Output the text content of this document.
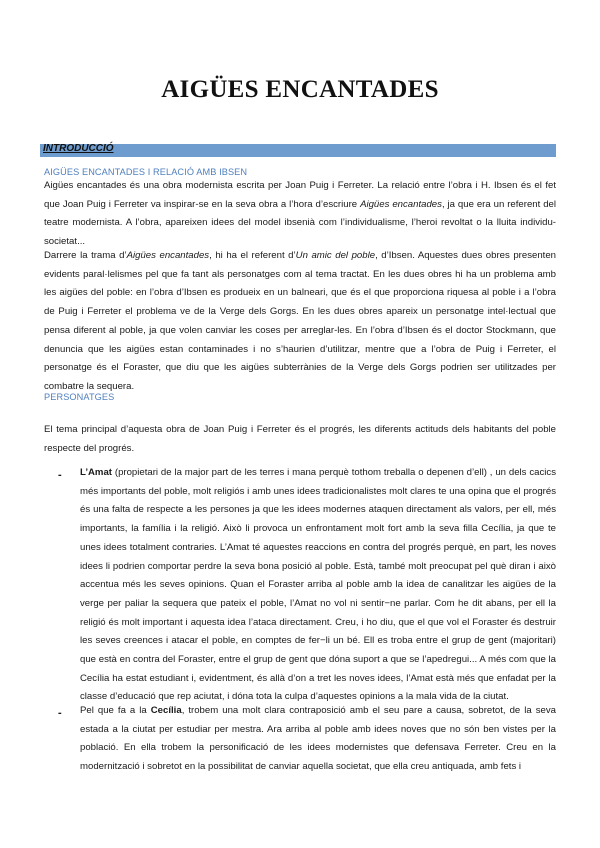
AIGÜES ENCANTADES
INTRODUCCIÓ
AIGÜES ENCANTADES I RELACIÓ AMB IBSEN

Aigües encantades és una obra modernista escrita per Joan Puig i Ferreter. La relació entre l’obra i H. Ibsen és el fet que Joan Puig i Ferreter va inspirar-se en la seva obra a l’hora d’escriure Aigües encantades, ja que era un referent del teatre modernista. A l’obra, apareixen idees del model ibsenià com l’individualisme, l’heroi revoltat o la lluita individu-societat...

Darrere la trama d’Aigües encantades, hi ha el referent d’Un amic del poble, d’Ibsen. Aquestes dues obres presenten evidents paral·lelismes pel que fa tant als personatges com al tema tractat. En les dues obres hi ha un problema amb les aigües del poble: en l’obra d’Ibsen es produeix en un balneari, que és el que proporciona riquesa al poble i a l’obra de Puig i Ferreter el problema ve de la Verge dels Gorgs. En les dues obres apareix un personatge intel·lectual que pensa diferent al poble, ja que volen canviar les coses per arreglar-les. En l’obra d’Ibsen és el doctor Stockmann, que denuncia que les aigües estan contaminades i no s’haurien d’utilitzar, mentre que a l’obra de Puig i Ferreter, el personatge és el Foraster, que diu que les aigües subterrànies de la Verge dels Gorgs podrien ser utilitzades per combatre la sequera.

PERSONATGES

El tema principal d’aquesta obra de Joan Puig i Ferreter és el progrés, les diferents actituds dels habitants del poble respecte del progrés.

- L’Amat (propietari de la major part de les terres i mana perquè tothom treballa o depenen d’ell) , un dels cacics més importants del poble, molt religiós i amb unes idees tradicionalistes molt clares te una opina que el progrés és una falta de respecte a les persones ja que les idees modernes ataquen directament als valors, per ell, més importants, la família i la religió. Això li provoca un enfrontament molt fort amb la seva filla Cecília, ja que te unes idees totalment contraries. L’Amat té aquestes reaccions en contra del progrés perquè, en part, les noves idees li podrien comportar perdre la seva bona posició al poble. Està, també molt preocupat pel què diran i això accentua més les seves opinions. Quan el Foraster arriba al poble amb la idea de canalitzar les aigües de la verge per paliar la sequera que pateix el poble, l’Amat no vol ni sentir−ne parlar. Com he dit abans, per ell la religió és molt important i aquesta idea l’ataca directament. Creu, i ho diu, que el que vol el Foraster és destruir les seves creences i atacar el poble, en comptes de fer−li un bé. Ell es troba entre el grup de gent (majoritari) que està en contra del Foraster, entre el grup de gent que dóna suport a que se l’apedregui... A més com que la Cecília ha estat estudiant i, evidentment, és allà d’on a tret les noves idees, l’Amat està més que enfadat per la classe d’educació que rep aciutat, i dóna tota la culpa d’aquestes opinions a la mala vida de la ciutat.

- Pel que fa a la Cecília, trobem una molt clara contraposició amb el seu pare a causa, sobretot, de la seva estada a la ciutat per estudiar per mestra. Ara arriba al poble amb idees noves que no són ben vistes per la població. En ella trobem la personificació de les idees modernistes que defensava Ferreter. Creu en la modernització i sobretot en la possibilitat de canviar aquella societat, que ella creu antiquada, amb fets i
